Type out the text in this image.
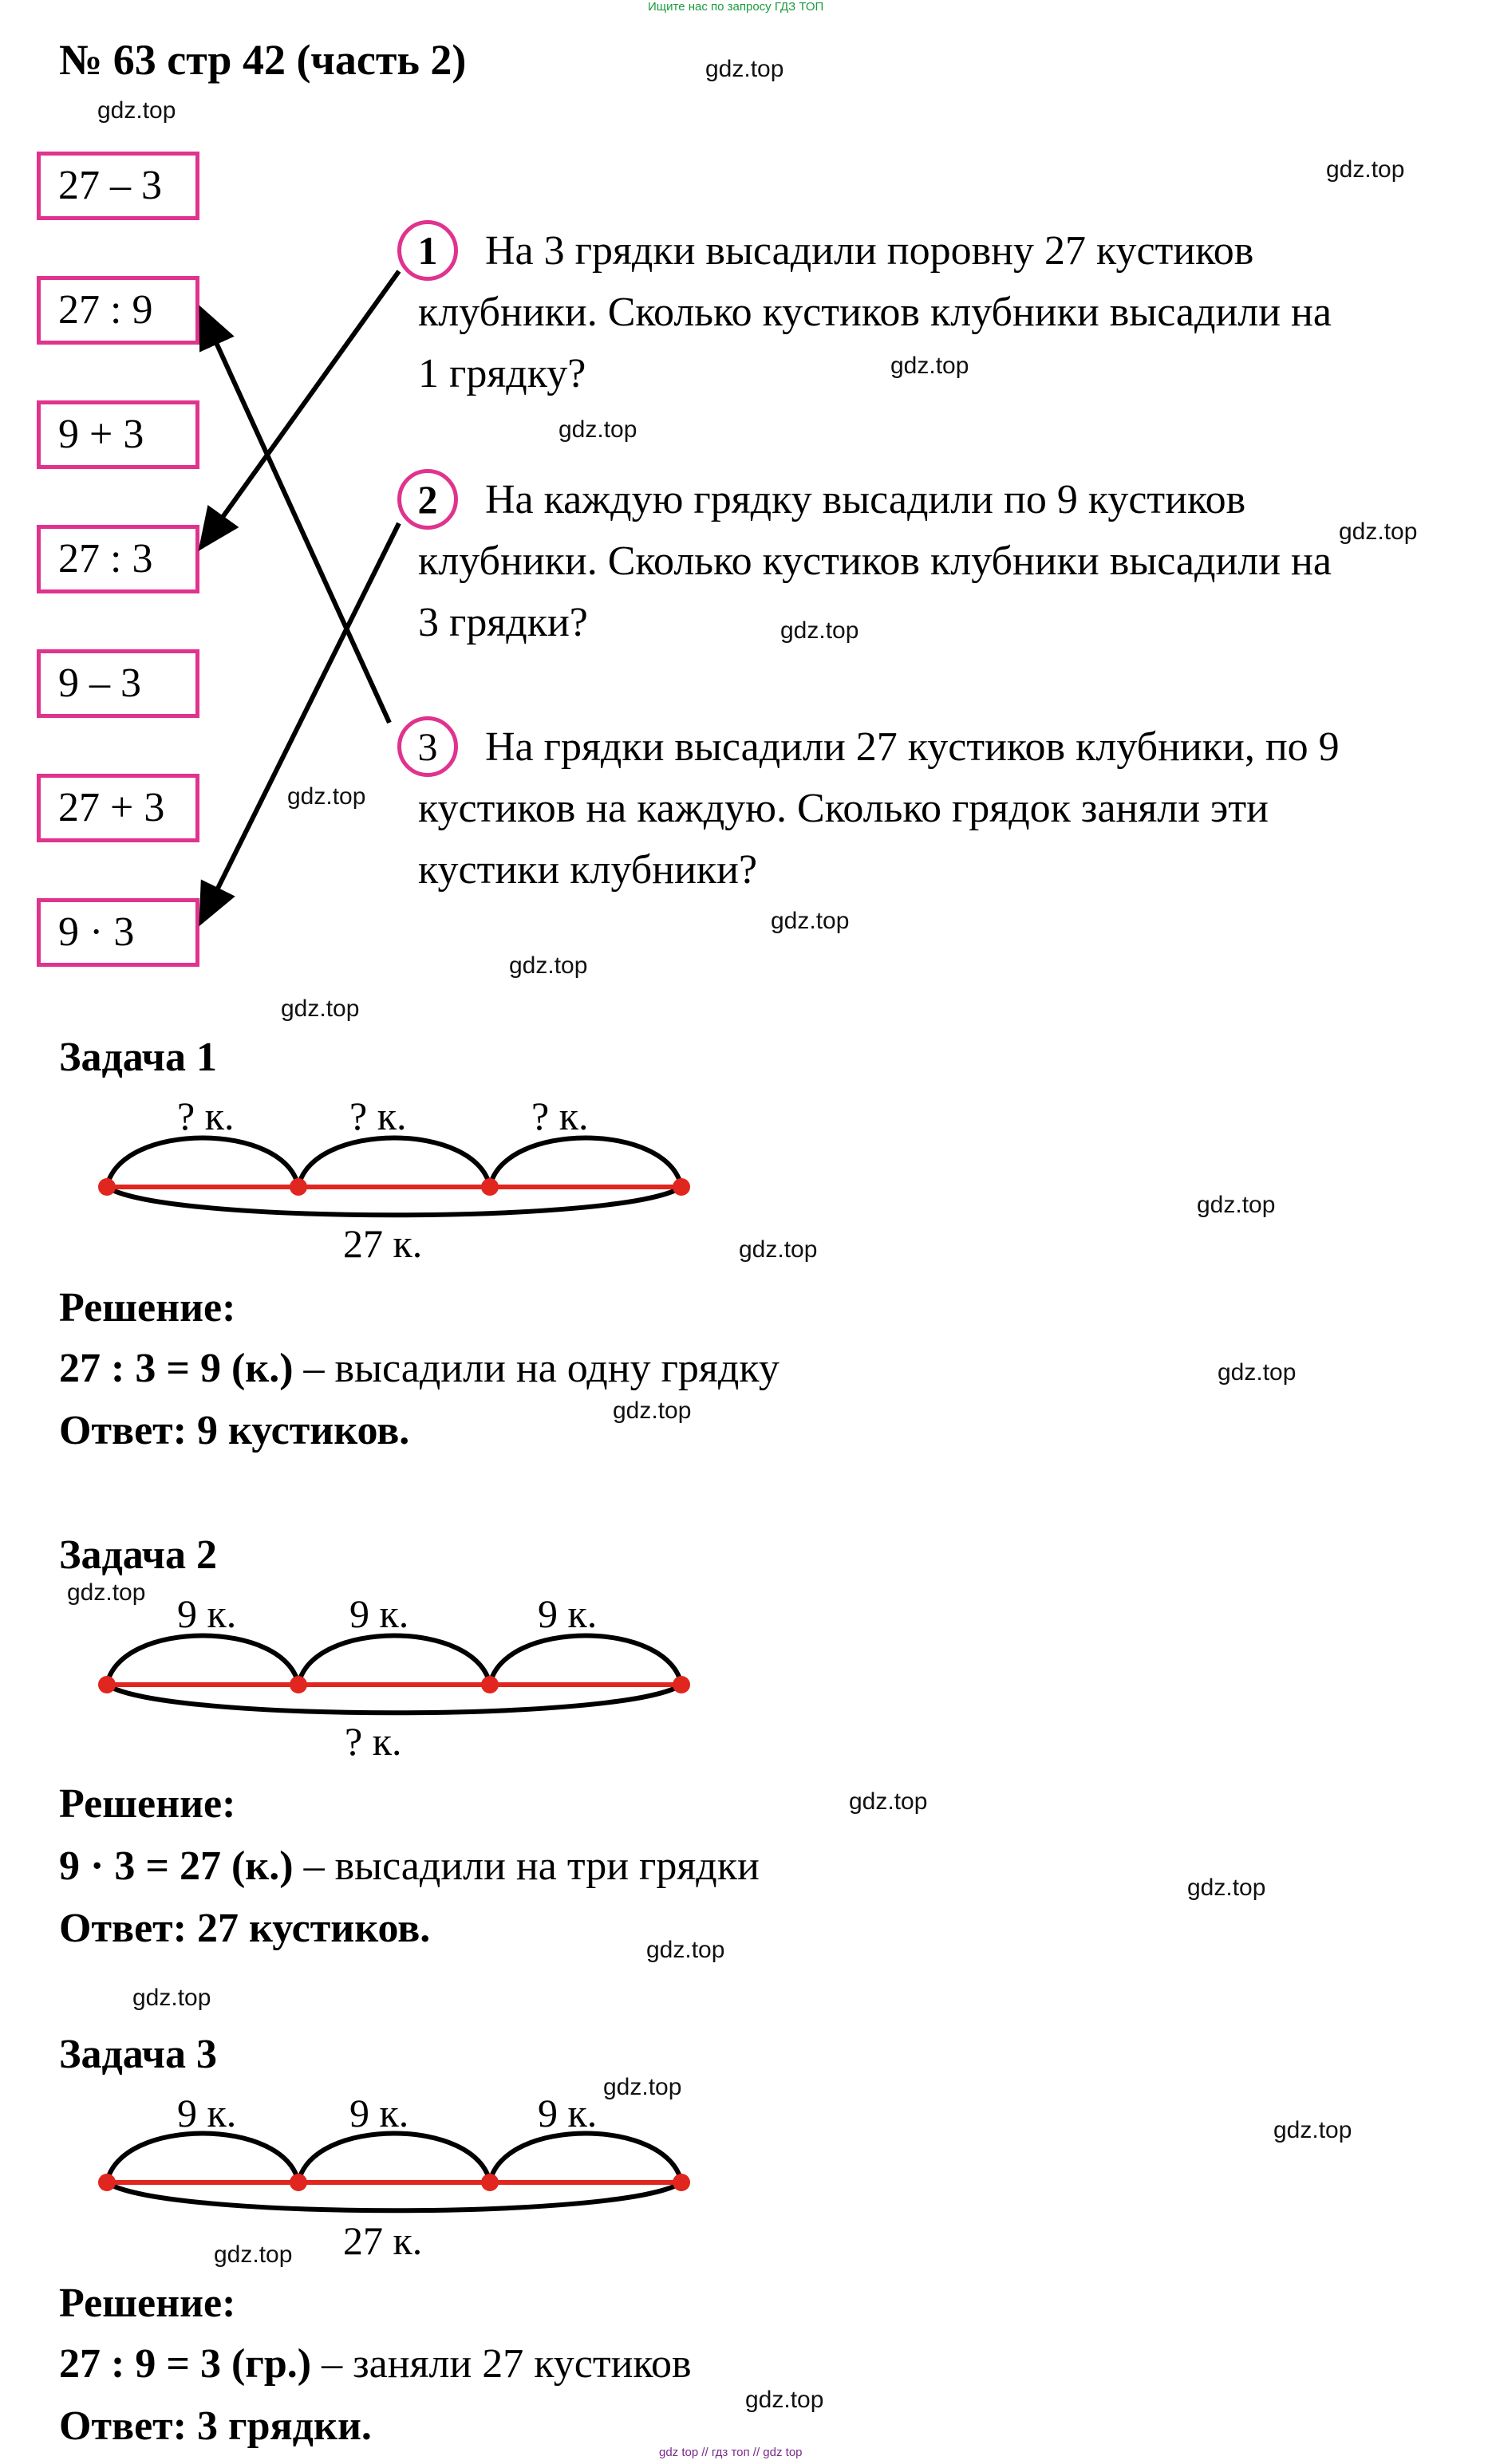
Ищите нас по запросу ГДЗ ТОП
№ 63 стр 42 (часть 2)
27 – 3
27 : 9
9 + 3
27 : 3
9 – 3
27 + 3
9 · 3
1
2
3
На 3 грядки высадили поровну 27 кустиков
клубники. Сколько кустиков клубники высадили на
1 грядку?
На каждую грядку высадили по 9 кустиков
клубники. Сколько кустиков клубники высадили на
3 грядки?
На грядки высадили 27 кустиков клубники, по 9
кустиков на каждую. Сколько грядок заняли эти
кустики клубники?
Задача 1
? к.	? к.	? к.
27 к.
Решение:
27 : 3 = 9 (к.) – высадили на одну грядку
Ответ: 9 кустиков.
Задача 2
9 к.	9 к.	9 к.
? к.
Решение:
9 · 3 = 27 (к.) – высадили на три грядки
Ответ: 27 кустиков.
Задача 3
9 к.	9 к.	9 к.
27 к.
Решение:
27 : 9 = 3 (гр.) – заняли 27 кустиков
Ответ: 3 грядки.
gdz.top
gdz.top
gdz.top
gdz.top
gdz.top
gdz.top
gdz.top
gdz.top
gdz.top
gdz.top
gdz.top
gdz.top
gdz.top
gdz.top
gdz.top
gdz.top
gdz.top
gdz.top
gdz.top
gdz.top
gdz.top
gdz.top
gdz.top
gdz.top
gdz top // гдз топ // gdz top
